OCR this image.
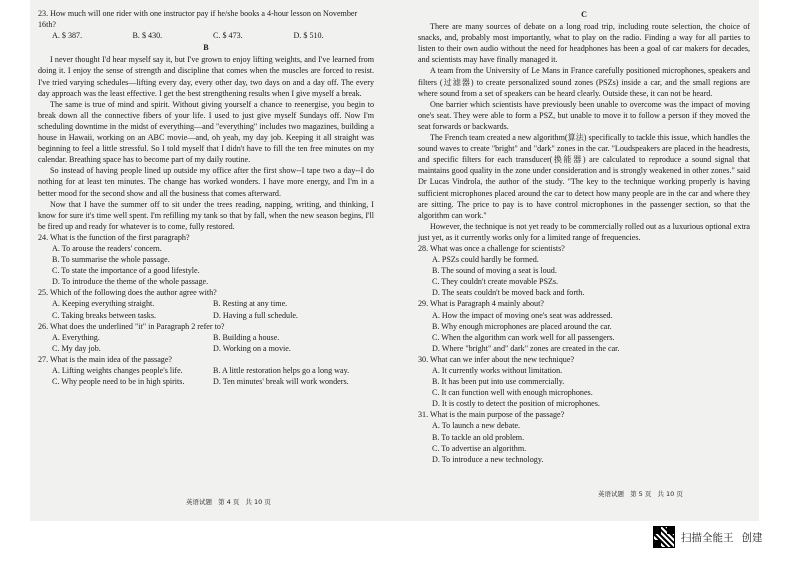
23. How much will one rider with one instructor pay if he/she books a 4-hour lesson on November 16th?

A. $ 387.	B. $ 430.	C. $ 473.	D. $ 510.
B

I never thought I'd hear myself say it, but I've grown to enjoy lifting weights, and I've learned from doing it. I enjoy the sense of strength and discipline that comes when the muscles are forced to resist. I've tried varying schedules—lifting every day, every other day, two days on and a day off. The every day approach was the least effective. I get the best strengthening results when I give myself a break.

The same is true of mind and spirit. Without giving yourself a chance to reenergise, you begin to break down all the connective fibers of your life. I used to just give myself Sundays off. Now I'm scheduling downtime in the midst of everything—and "everything" includes two magazines, building a house in Hawaii, working on an ABC movie—and, oh yeah, my day job. Keeping it all straight was beginning to feel a little stressful. So I told myself that I didn't have to fill the ten free minutes on my calendar. Breathing space has to become part of my daily routine.

So instead of having people lined up outside my office after the first show--I tape two a day--I do nothing for at least ten minutes. The change has worked wonders. I have more energy, and I'm in a better mood for the second show and all the business that comes afterward.

Now that I have the summer off to sit under the trees reading, napping, writing, and thinking, I know for sure it's time well spent. I'm refilling my tank so that by fall, when the new season begins, I'll be fired up and ready for whatever is to come, fully restored.

24. What is the function of the first paragraph?

A. To arouse the readers' concern.
B. To summarise the whole passage.
C. To state the importance of a good lifestyle.
D. To introduce the theme of the whole passage.

25. Which of the following does the author agree with?

A. Keeping everything straight.	B. Resting at any time.
C. Taking breaks between tasks.	D. Having a full schedule.

26. What does the underlined "it" in Paragraph 2 refer to?

A. Everything.	B. Building a house.
C. My day job.	D. Working on a movie.

27. What is the main idea of the passage?

A. Lifting weights changes people's life.	B. A little restoration helps go a long way.
C. Why people need to be in high spirits.	D. Ten minutes' break will work wonders.
英语试题 第 4 页 共 10 页
C

There are many sources of debate on a long road trip, including route selection, the choice of snacks, and, probably most importantly, what to play on the radio. Finding a way for all parties to listen to their own audio without the need for headphones has been a goal of car makers for decades, and scientists may have finally managed it.

A team from the University of Le Mans in France carefully positioned microphones, speakers and filters (过滤器) to create personalized sound zones (PSZs) inside a car, and the small regions are where sound from a set of speakers can be heard clearly. Outside these, it can not be heard.

One barrier which scientists have previously been unable to overcome was the impact of moving one's seat. They were able to form a PSZ, but unable to move it to follow a person if they moved the seat forwards or backwards.

The French team created a new algorithm(算法) specifically to tackle this issue, which handles the sound waves to create "bright" and "dark" zones in the car. "Loudspeakers are placed in the headrests, and specific filters for each transducer(换能器) are calculated to reproduce a sound signal that maintains good quality in the zone under consideration and is strongly weakened in other zones." said Dr Lucas Vindrola, the author of the study. "The key to the technique working properly is having sufficient microphones placed around the car to detect how many people are in the car and where they are sitting. The price to pay is to have control microphones in the passenger section, so that the algorithm can work."

However, the technique is not yet ready to be commercially rolled out as a luxurious optional extra just yet, as it currently works only for a limited range of frequencies.

28. What was once a challenge for scientists?

A. PSZs could hardly be formed.
B. The sound of moving a seat is loud.
C. They couldn't create movable PSZs.
D. The seats couldn't be moved back and forth.

29. What is Paragraph 4 mainly about?

A. How the impact of moving one's seat was addressed.
B. Why enough microphones are placed around the car.
C. When the algorithm can work well for all passengers.
D. Where "bright" and" dark" zones are created in the car.

30. What can we infer about the new technique?

A. It currently works without limitation.
B. It has been put into use commercially.
C. It can function well with enough microphones.
D. It is costly to detect the position of microphones.

31. What is the main purpose of the passage?

A. To launch a new debate.
B. To tackle an old problem.
C. To advertise an algorithm.
D. To introduce a new technology.
英语试题 第 5 页 共 10 页
扫描全能王 创建
